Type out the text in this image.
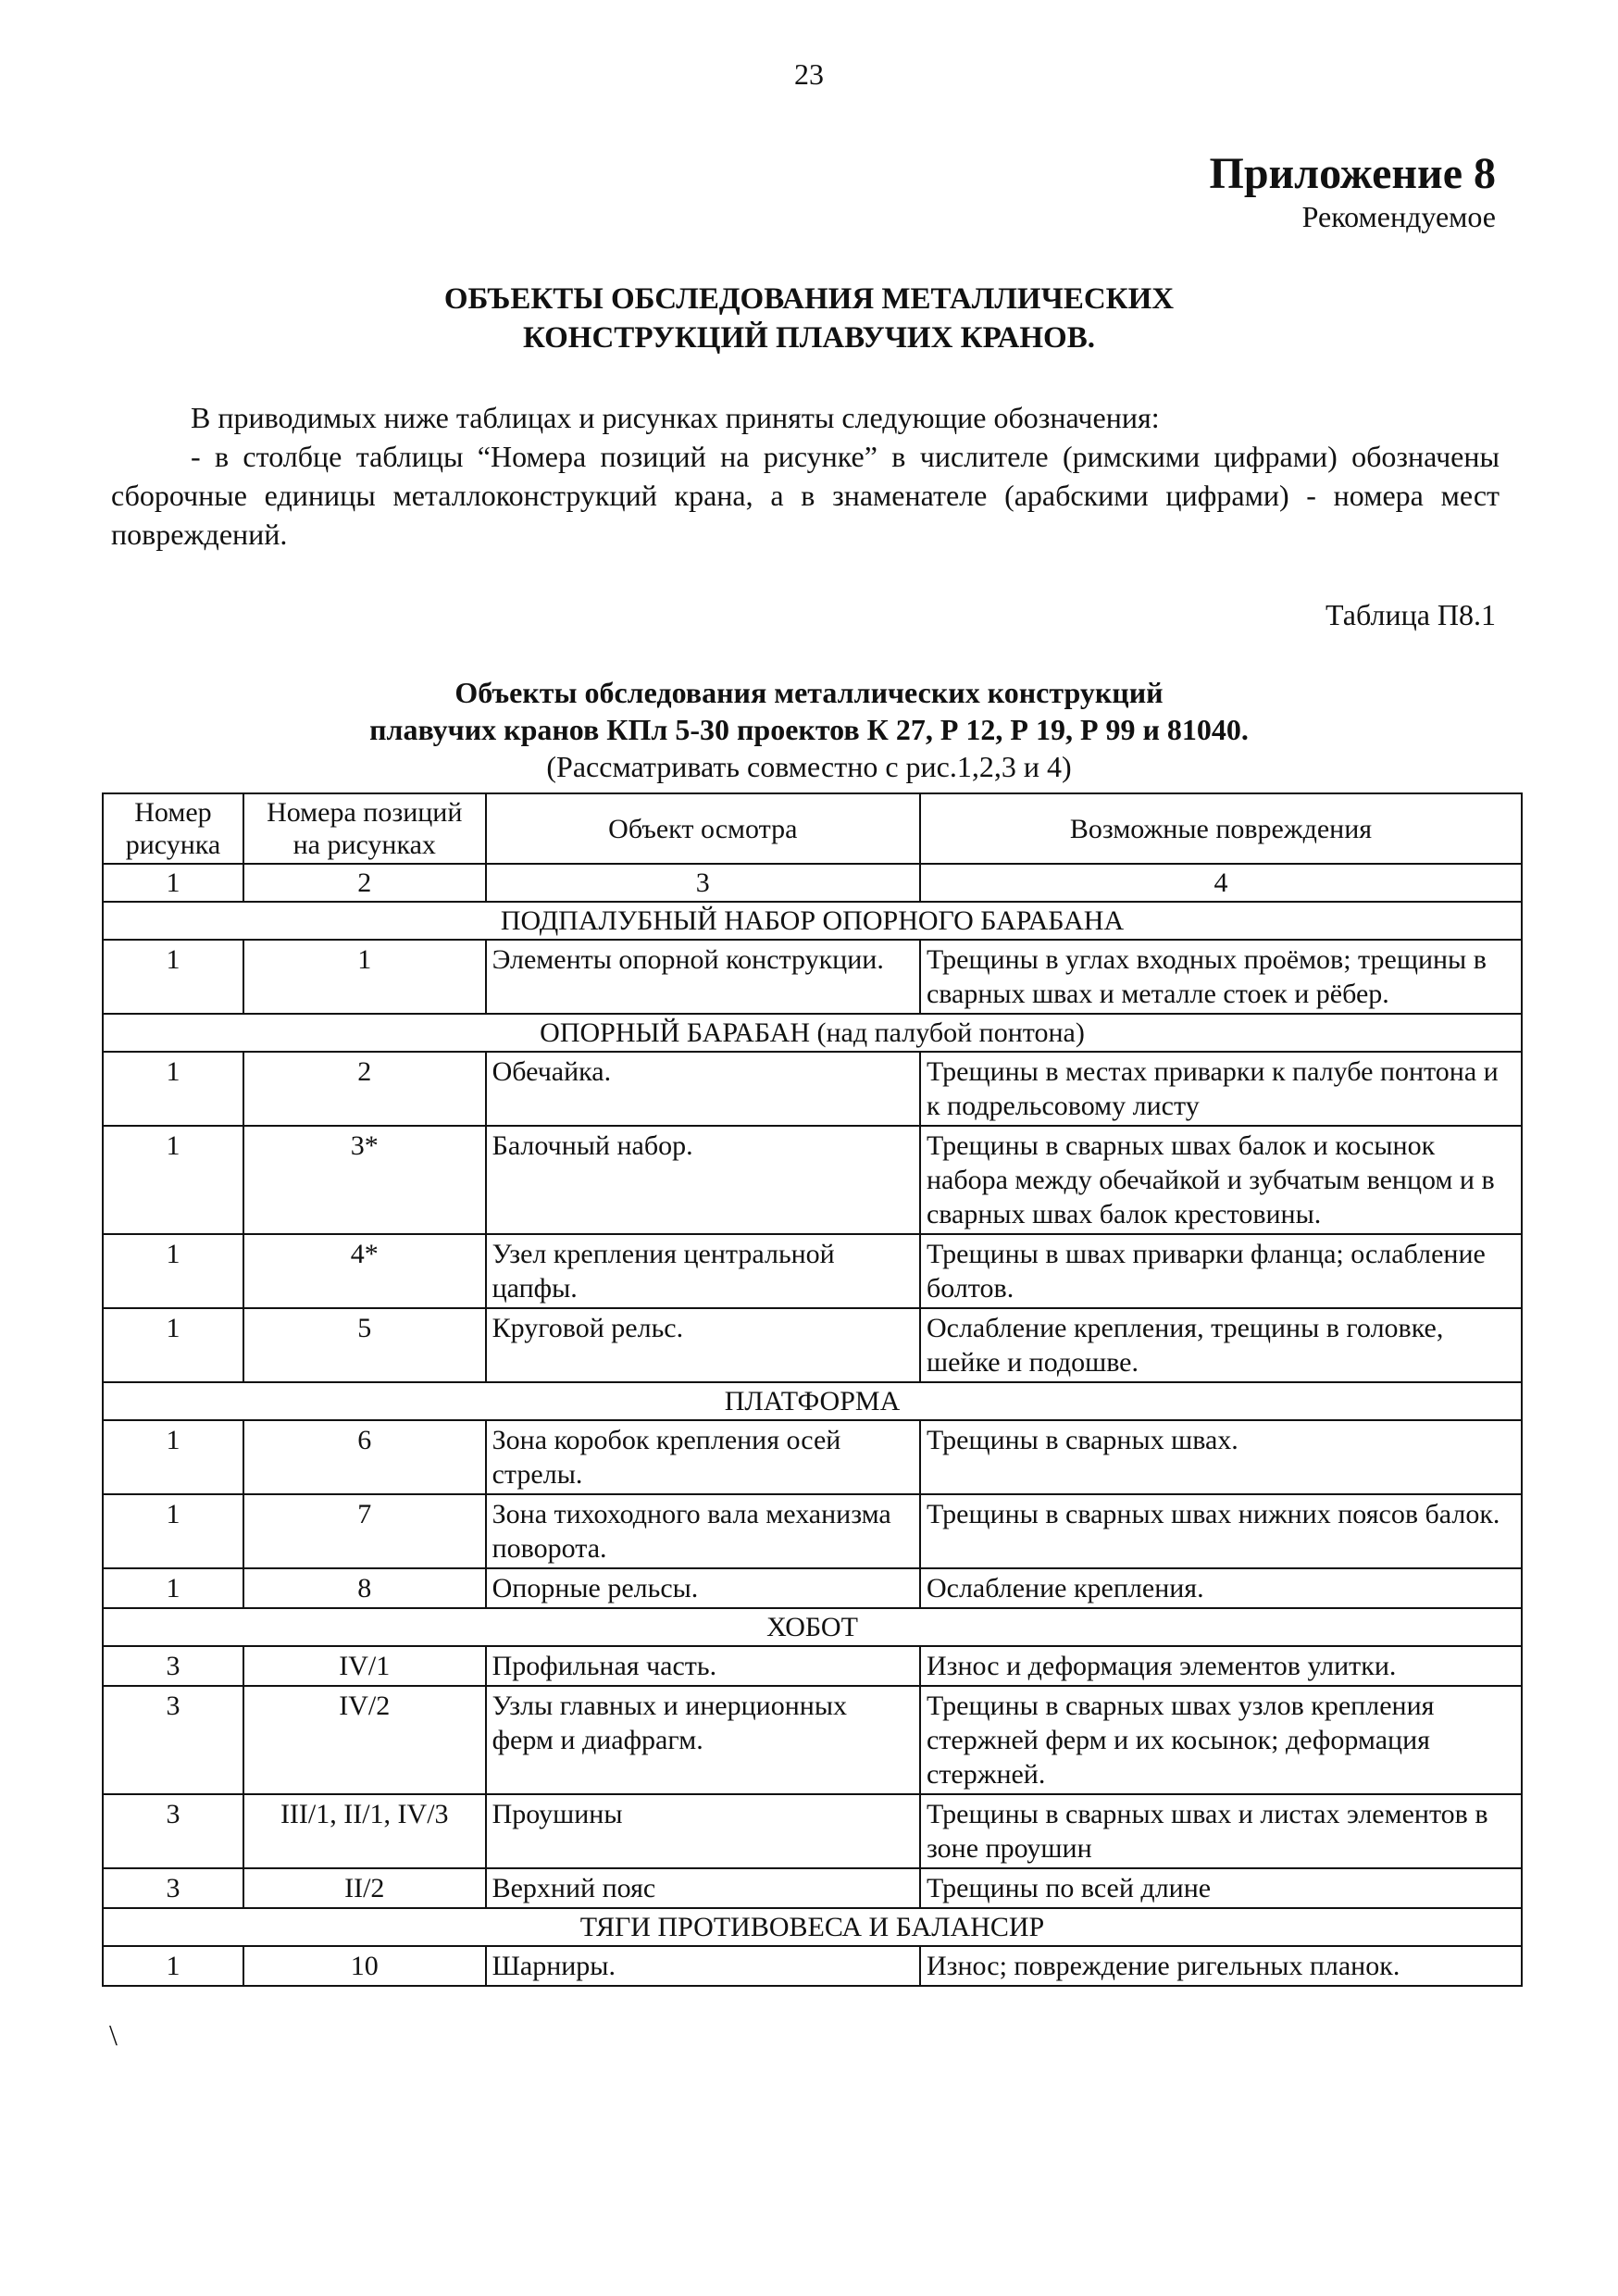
23
Приложение 8
Рекомендуемое
ОБЪЕКТЫ ОБСЛЕДОВАНИЯ МЕТАЛЛИЧЕСКИХ
КОНСТРУКЦИЙ ПЛАВУЧИХ КРАНОВ.

В приводимых ниже таблицах и рисунках приняты следующие обозначения:

- в столбце таблицы “Номера позиций на рисунке” в числителе (римскими цифрами) обозначены сборочные единицы металлоконструкций крана, а в знаменателе (арабскими цифрами) - номера мест повреждений.

Таблица П8.1
Объекты обследования металлических конструкций
плавучих кранов КПл 5-30 проектов К 27, Р 12, Р 19, Р 99 и 81040.
(Рассматривать совместно с рис.1,2,3 и 4)
Номер рисунка	Номера позиций на рисунках	Объект осмотра	Возможные повреждения
1	2	3	4
ПОДПАЛУБНЫЙ НАБОР ОПОРНОГО БАРАБАНА			
1	1	Элементы опорной конструкции.	Трещины в углах входных проёмов; трещины в сварных швах и металле стоек и рёбер.
ОПОРНЫЙ БАРАБАН (над палубой понтона)			
1	2	Обечайка.	Трещины в местах приварки к палубе понтона и к подрельсовому листу
1	3*	Балочный набор.	Трещины в сварных швах балок и косынок набора между обечайкой и зубчатым венцом и в сварных швах балок крестовины.
1	4*	Узел крепления центральной цапфы.	Трещины в швах приварки фланца; ослабление болтов.
1	5	Круговой рельс.	Ослабление крепления, трещины в головке, шейке и подошве.
ПЛАТФОРМА			
1	6	Зона коробок крепления осей стрелы.	Трещины в сварных швах.
1	7	Зона тихоходного вала механизма поворота.	Трещины в сварных швах нижних поясов балок.
1	8	Опорные рельсы.	Ослабление крепления.
ХОБОТ			
3	IV/1	Профильная часть.	Износ и деформация элементов улитки.
3	IV/2	Узлы главных и инерционных ферм и диафрагм.	Трещины в сварных швах узлов крепления стержней ферм и их косынок; деформация стержней.
3	III/1, II/1, IV/3	Проушины	Трещины в сварных швах и листах элементов в зоне проушин
3	II/2	Верхний пояс	Трещины по всей длине
ТЯГИ ПРОТИВОВЕСА И БАЛАНСИР			
1	10	Шарниры.	Износ; повреждение ригельных планок.
\
